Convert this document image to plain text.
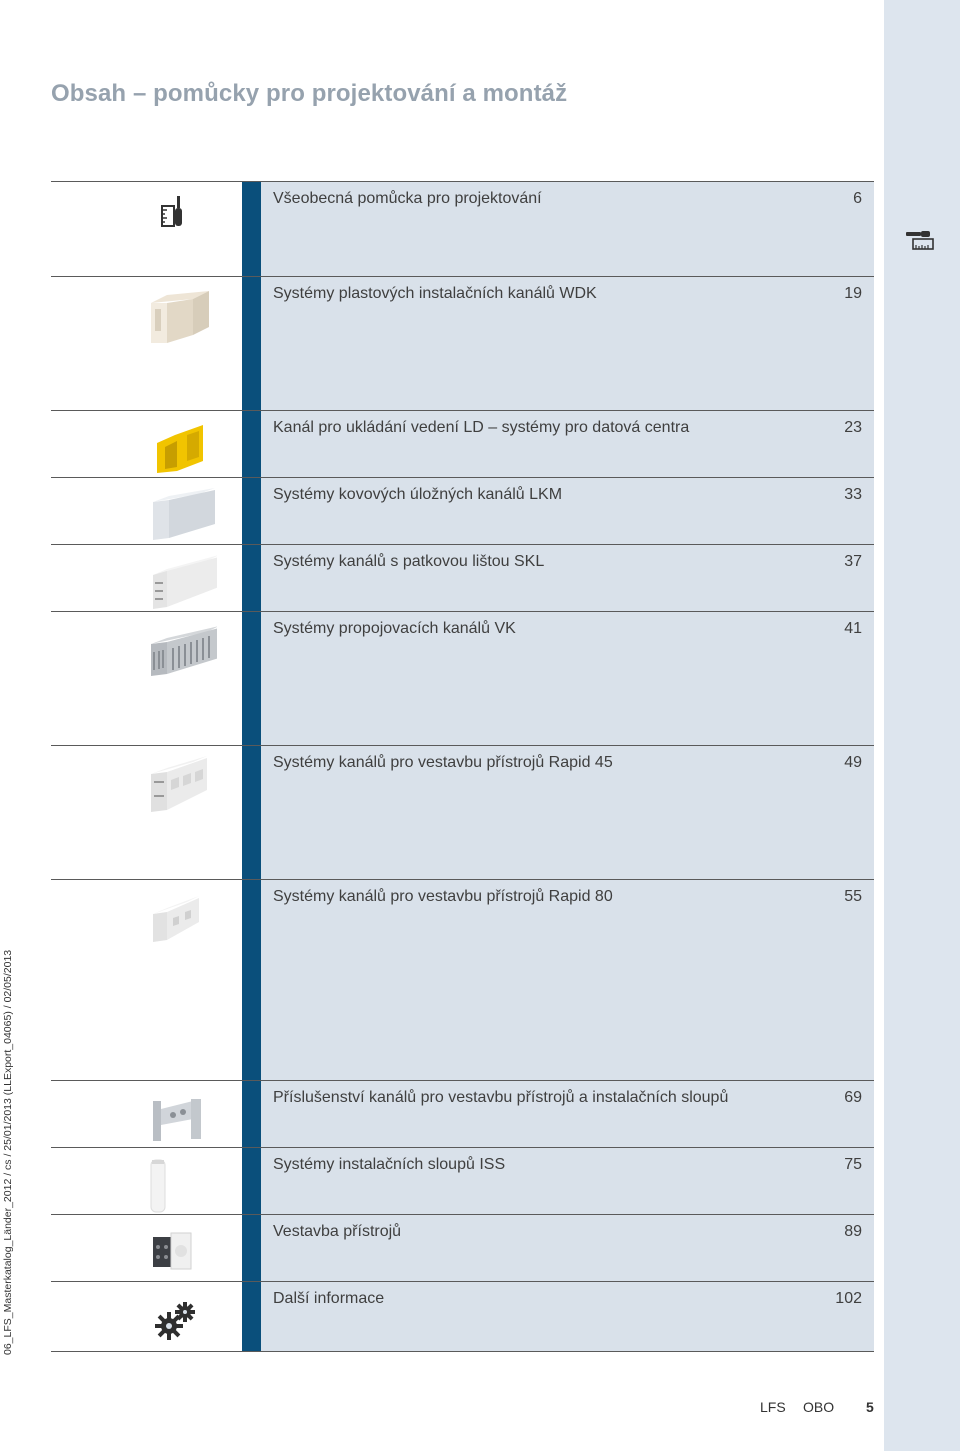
Obsah – pomůcky pro projektování a montáž
Všeobecná pomůcka pro projektování	6
Systémy plastových instalačních kanálů WDK	19
Kanál pro ukládání vedení LD – systémy pro datová centra	23
Systémy kovových úložných kanálů LKM	33
Systémy kanálů s patkovou lištou SKL	37
Systémy propojovacích kanálů VK	41
Systémy kanálů pro vestavbu přístrojů Rapid 45	49
Systémy kanálů pro vestavbu přístrojů Rapid 80	55
Příslušenství kanálů pro vestavbu přístrojů a instalačních sloupů	69
Systémy instalačních sloupů ISS	75
Vestavba přístrojů	89
Další informace	102
LFS OBO 5
06_LFS_Masterkatalog_Länder_2012 / cs / 25/01/2013 (LLExport_04065) / 02/05/2013
